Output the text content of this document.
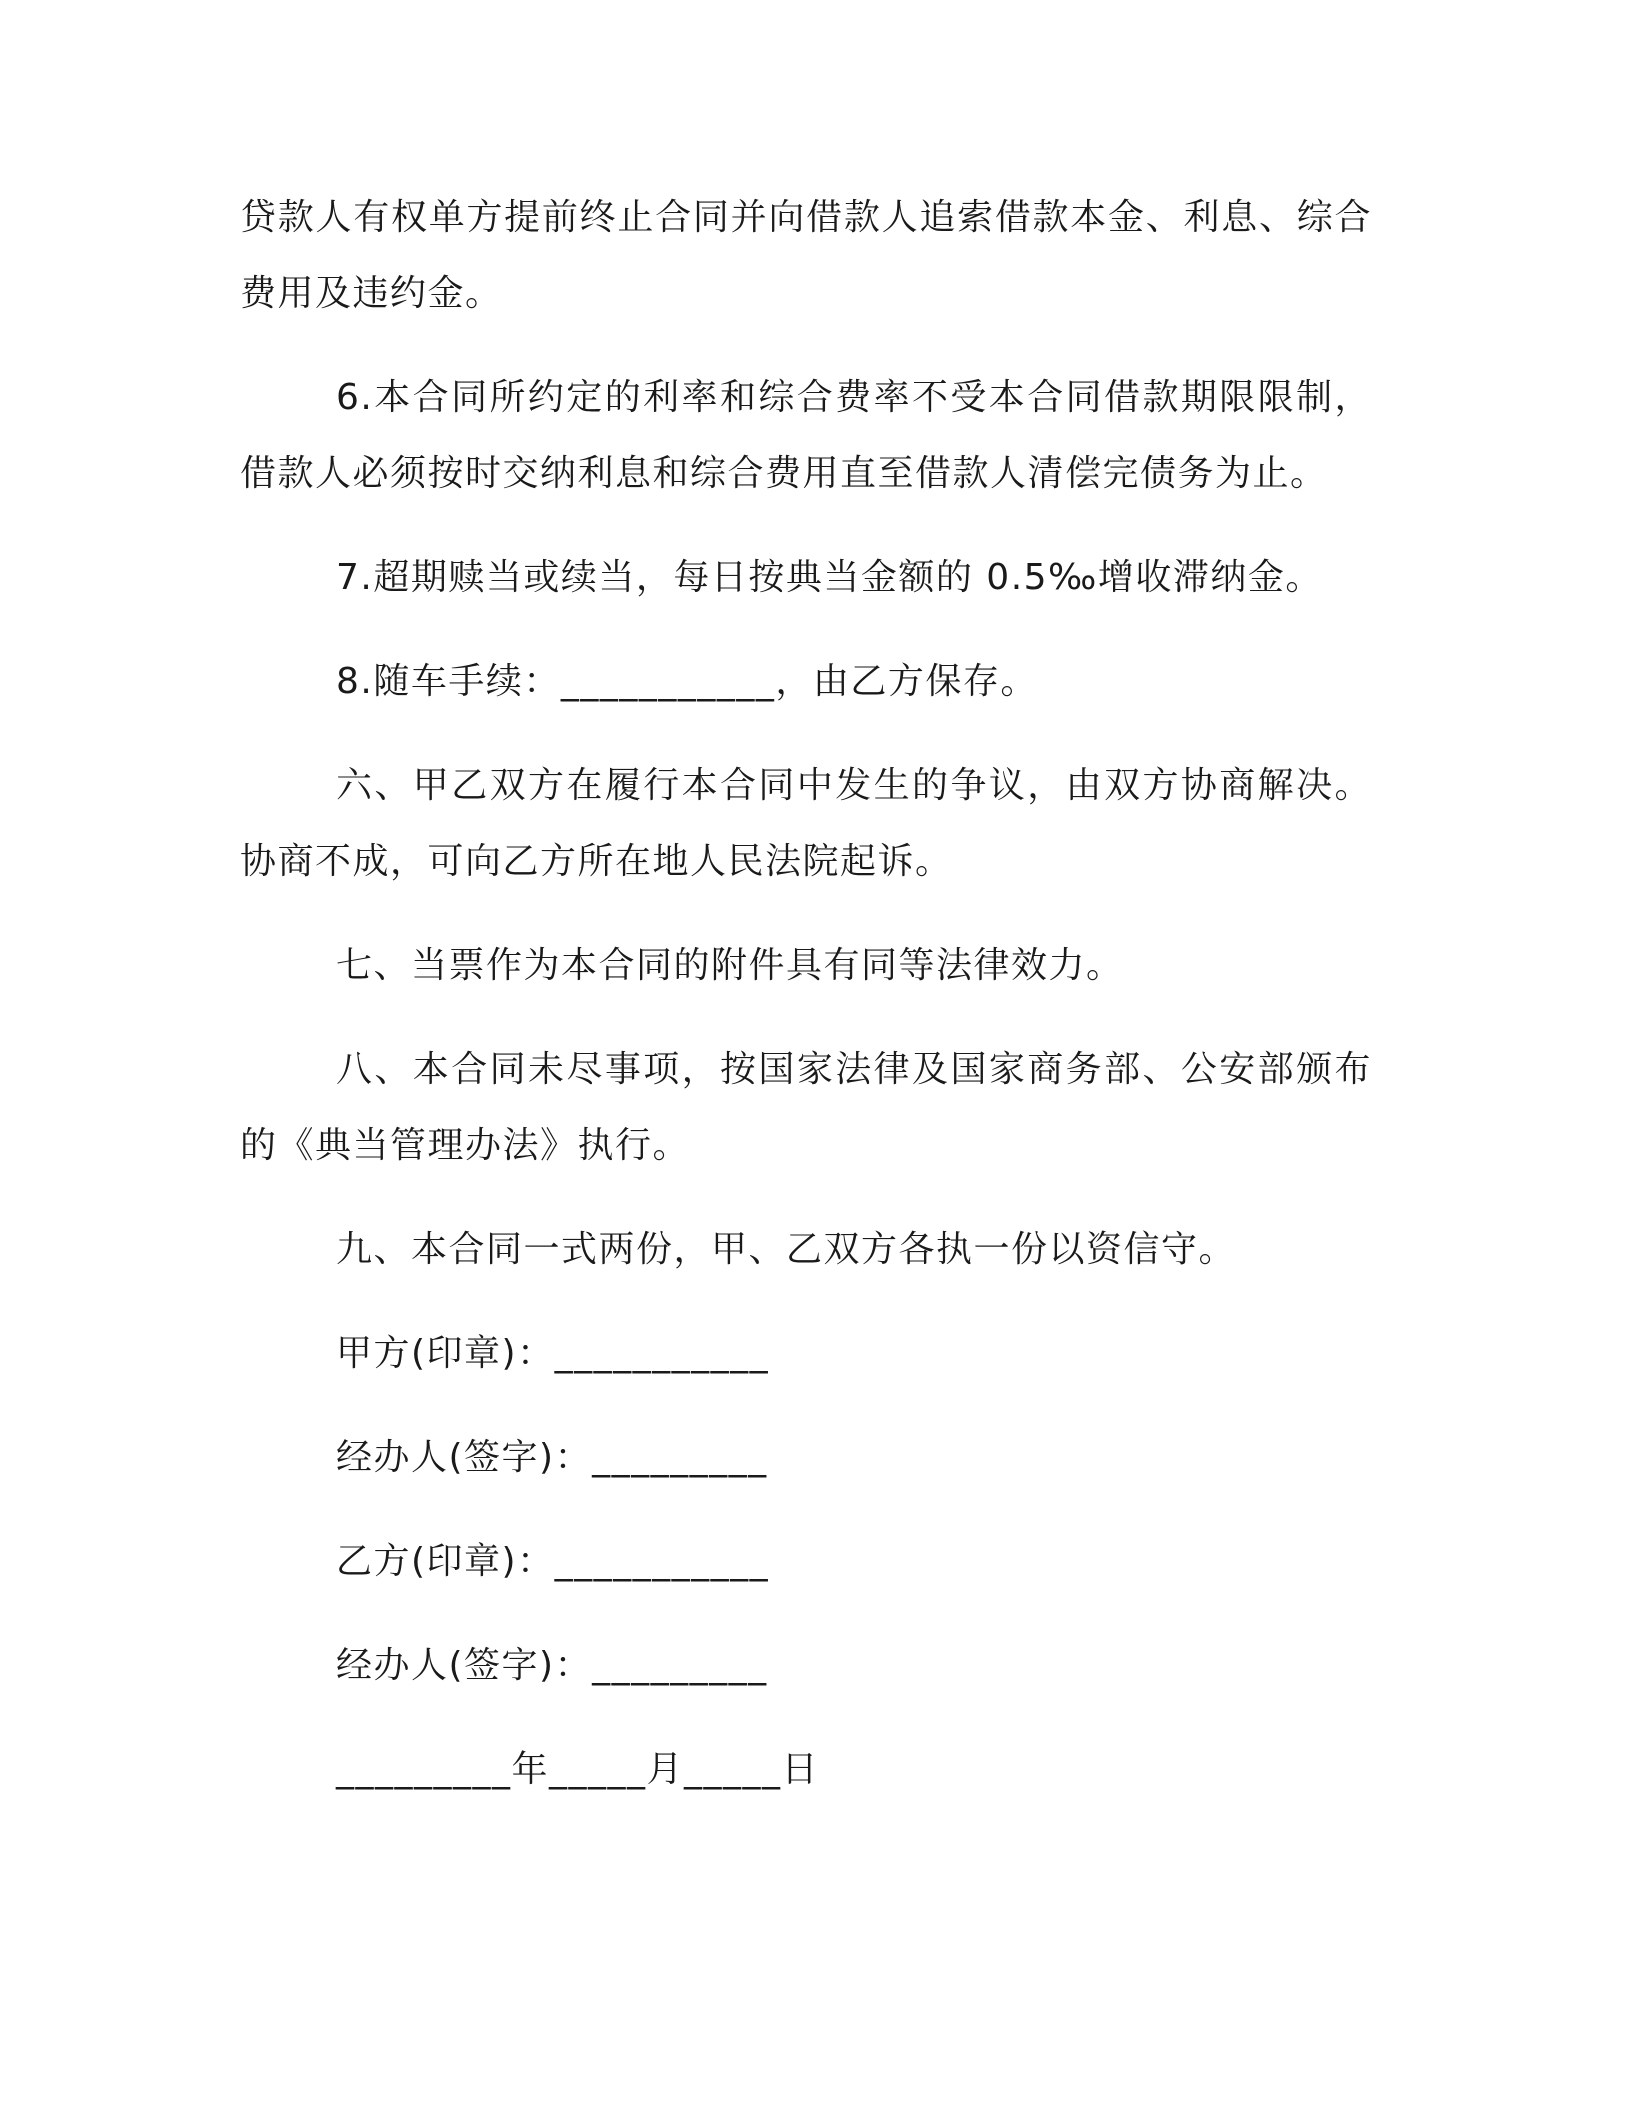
贷款人有权单方提前终止合同并向借款人追索借款本金、利息、综合费用及违约金。

6.本合同所约定的利率和综合费率不受本合同借款期限限制，借款人必须按时交纳利息和综合费用直至借款人清偿完债务为止。

7.超期赎当或续当，每日按典当金额的 0.5‰增收滞纳金。

8.随车手续：___________，由乙方保存。

六、甲乙双方在履行本合同中发生的争议，由双方协商解决。协商不成，可向乙方所在地人民法院起诉。

七、当票作为本合同的附件具有同等法律效力。

八、本合同未尽事项，按国家法律及国家商务部、公安部颁布的《典当管理办法》执行。

九、本合同一式两份，甲、乙双方各执一份以资信守。

甲方(印章)：___________
经办人(签字)：_________
乙方(印章)：___________
经办人(签字)：_________
_________年_____月_____日
